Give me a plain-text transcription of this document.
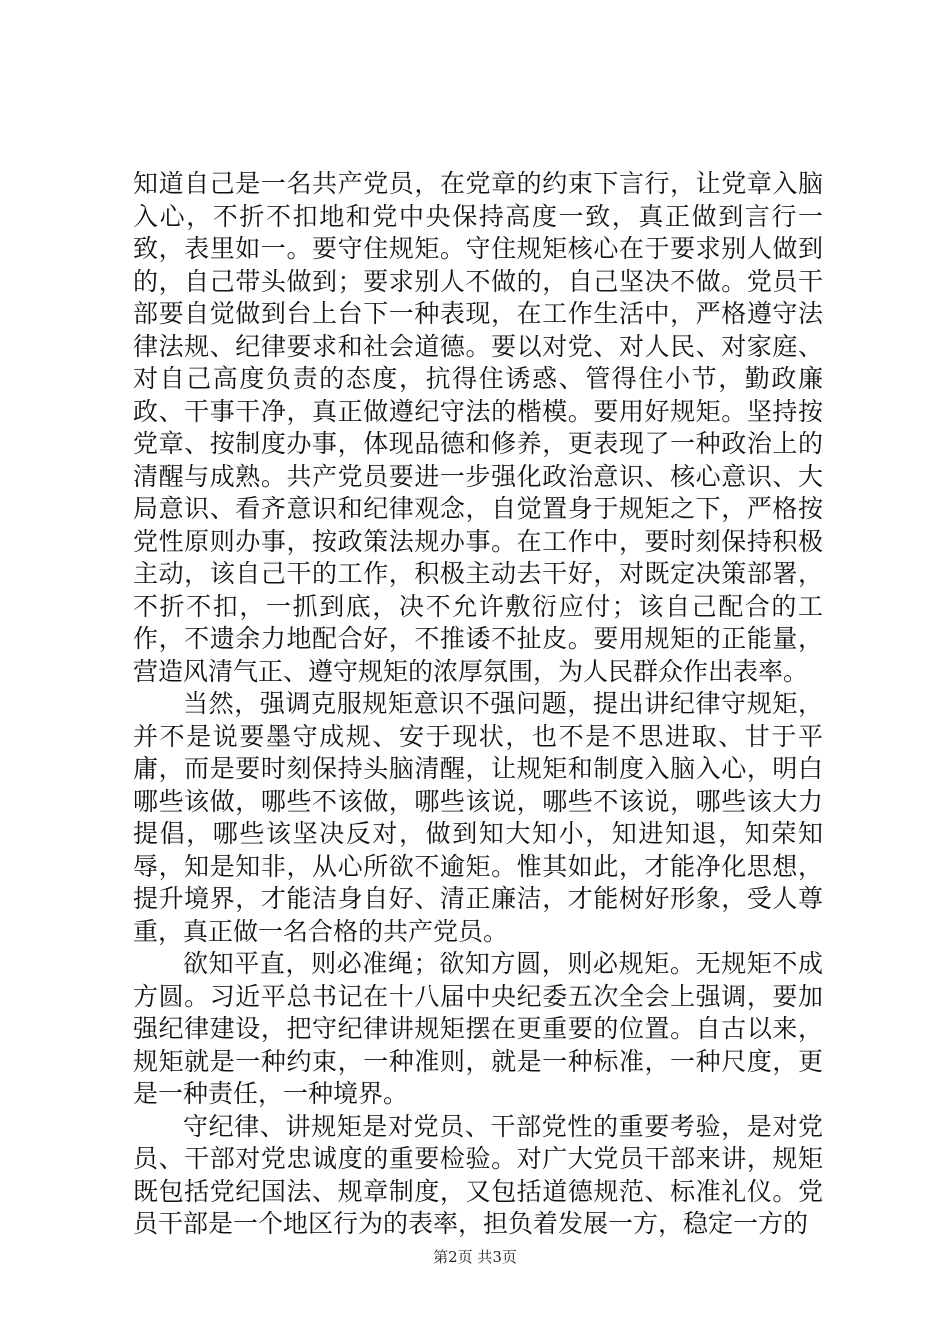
知道自己是一名共产党员，在党章的约束下言行，让党章入脑入心，不折不扣地和党中央保持高度一致，真正做到言行一致，表里如一。要守住规矩。守住规矩核心在于要求别人做到的，自己带头做到；要求别人不做的，自己坚决不做。党员干部要自觉做到台上台下一种表现，在工作生活中，严格遵守法律法规、纪律要求和社会道德。要以对党、对人民、对家庭、对自己高度负责的态度，抗得住诱惑、管得住小节，勤政廉政、干事干净，真正做遵纪守法的楷模。要用好规矩。坚持按党章、按制度办事，体现品德和修养，更表现了一种政治上的清醒与成熟。共产党员要进一步强化政治意识、核心意识、大局意识、看齐意识和纪律观念，自觉置身于规矩之下，严格按党性原则办事，按政策法规办事。在工作中，要时刻保持积极主动，该自己干的工作，积极主动去干好，对既定决策部署，不折不扣，一抓到底，决不允许敷衍应付；该自己配合的工作，不遗余力地配合好，不推诿不扯皮。要用规矩的正能量，营造风清气正、遵守规矩的浓厚氛围，为人民群众作出表率。

当然，强调克服规矩意识不强问题，提出讲纪律守规矩，并不是说要墨守成规、安于现状，也不是不思进取、甘于平庸，而是要时刻保持头脑清醒，让规矩和制度入脑入心，明白哪些该做，哪些不该做，哪些该说，哪些不该说，哪些该大力提倡，哪些该坚决反对，做到知大知小，知进知退，知荣知辱，知是知非，从心所欲不逾矩。惟其如此，才能净化思想，提升境界，才能洁身自好、清正廉洁，才能树好形象，受人尊重，真正做一名合格的共产党员。

欲知平直，则必准绳；欲知方圆，则必规矩。无规矩不成方圆。习近平总书记在十八届中央纪委五次全会上强调，要加强纪律建设，把守纪律讲规矩摆在更重要的位置。自古以来，规矩就是一种约束，一种准则，就是一种标准，一种尺度，更是一种责任，一种境界。

守纪律、讲规矩是对党员、干部党性的重要考验，是对党员、干部对党忠诚度的重要检验。对广大党员干部来讲，规矩既包括党纪国法、规章制度，又包括道德规范、标准礼仪。党员干部是一个地区行为的表率，担负着发展一方，稳定一方的

第2页 共3页
